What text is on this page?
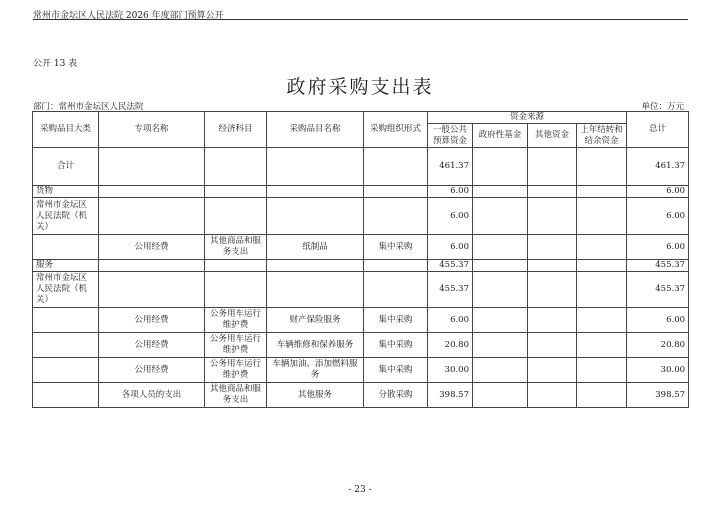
常州市金坛区人民法院 2026 年度部门预算公开
公开 13 表
政府采购支出表
部门：常州市金坛区人民法院	单位：万元
采购品目大类	专项名称	经济科目	采购品目名称	采购组织形式	资金来源				总计
					一般公共预算资金	政府性基金	其他资金	上年结转和结余资金	
合计					461.37				461.37
货物					6.00				6.00
常州市金坛区人民法院（机关）					6.00				6.00
	公用经费	其他商品和服务支出	纸制品	集中采购	6.00				6.00
服务					455.37				455.37
常州市金坛区人民法院（机关）					455.37				455.37
	公用经费	公务用车运行维护费	财产保险服务	集中采购	6.00				6.00
	公用经费	公务用车运行维护费	车辆维修和保养服务	集中采购	20.80				20.80
	公用经费	公务用车运行维护费	车辆加油、添加燃料服务	集中采购	30.00				30.00
	各项人员的支出	其他商品和服务支出	其他服务	分散采购	398.57				398.57
- 23 -
